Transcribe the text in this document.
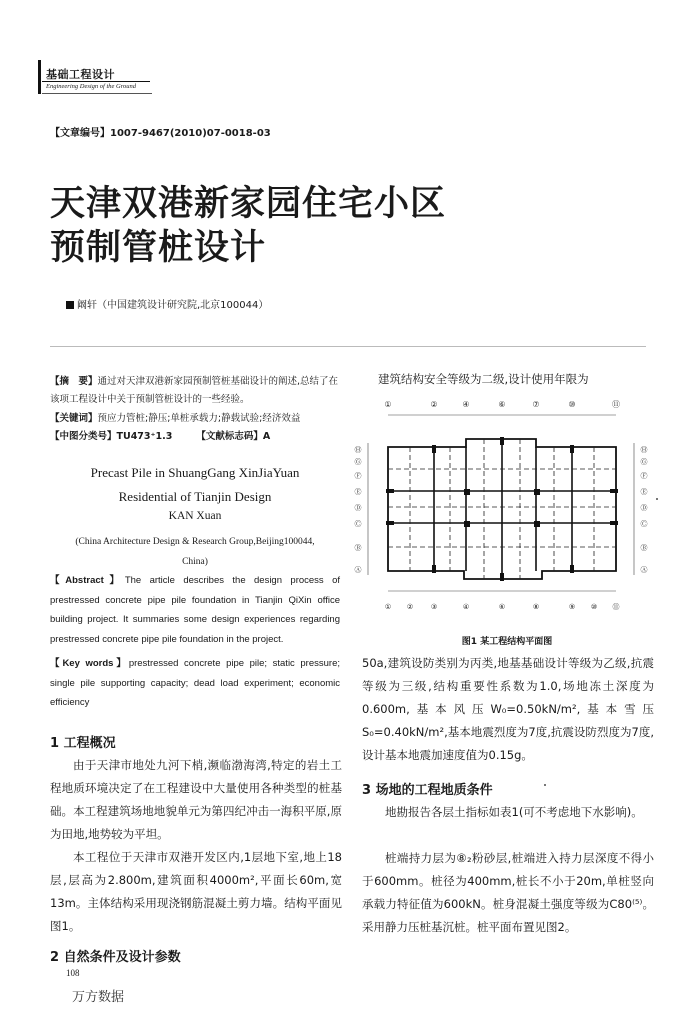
基础工程设计
Engineering Design of the Ground
【文章编号】1007-9467(2010)07-0018-03
天津双港新家园住宅小区
预制管桩设计
阚轩（中国建筑设计研究院,北京100044）
【摘　要】通过对天津双港新家园预制管桩基础设计的阐述,总结了在该项工程设计中关于预制管桩设计的一些经验。
【关键词】预应力管桩;静压;单桩承载力;静载试验;经济效益
【中图分类号】TU473⁺1.3	【文献标志码】A
Precast Pile in ShuangGang XinJiaYuan
Residential of Tianjin Design
KAN Xuan
(China Architecture Design & Research Group,Beijing100044,
China)
【Abstract】The article describes the design process of prestressed concrete pipe pile foundation in Tianjin QiXin office building project. It summaries some design experiences regarding prestressed concrete pipe pile foundation in the project.
【Key words】prestressed concrete pipe pile; static pressure; single pile supporting capacity; dead load experiment; economic efficiency
1 工程概况
由于天津市地处九河下梢,濒临渤海湾,特定的岩土工程地质环境决定了在工程建设中大量使用各种类型的桩基础。本工程建筑场地地貌单元为第四纪冲击一海积平原,原为田地,地势较为平坦。
本工程位于天津市双港开发区内,1层地下室,地上18层,层高为2.800m,建筑面积4000m²,平面长60m,宽13m。主体结构采用现浇钢筋混凝土剪力墙。结构平面见图1。
2 自然条件及设计参数
建筑结构安全等级为二级,设计使用年限为
①	②	④	⑥	⑦	⑩	⑪
Ⓗ
Ⓖ
Ⓕ
Ⓔ
Ⓓ
Ⓒ
Ⓑ
Ⓐ
Ⓗ
Ⓖ
Ⓕ
Ⓔ
Ⓓ
Ⓒ
Ⓑ
Ⓐ
① ②	③	④	⑥	⑧	⑨ ⑩ ⑪
图1 某工程结构平面图
50a,建筑设防类别为丙类,地基基础设计等级为乙级,抗震等级为三级,结构重要性系数为1.0,场地冻土深度为0.600m,基本风压W₀=0.50kN/m²,基本雪压S₀=0.40kN/m²,基本地震烈度为7度,抗震设防烈度为7度,设计基本地震加速度值为0.15g。
3 场地的工程地质条件
地勘报告各层土指标如表1(可不考虑地下水影响)。
桩端持力层为⑧₂粉砂层,桩端进入持力层深度不得小于600mm。桩径为400mm,桩长不小于20m,单桩竖向承载力特征值为600kN。桩身混凝土强度等级为C80⁽⁵⁾。采用静力压桩基沉桩。桩平面布置见图2。
108
万方数据
